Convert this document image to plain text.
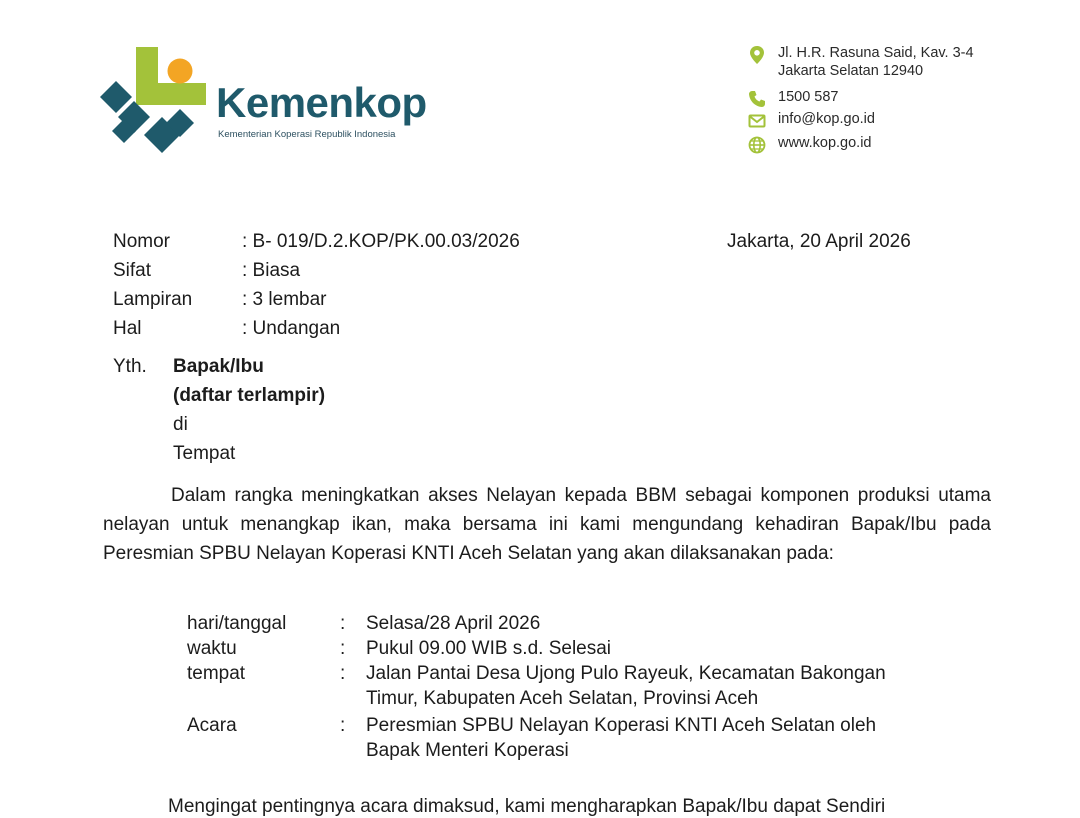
Kemenkop
Kementerian Koperasi Republik Indonesia
Jl. H.R. Rasuna Said, Kav. 3-4
Jakarta Selatan 12940
1500 587
info@kop.go.id
www.kop.go.id
Nomor	: B- 019/D.2.KOP/PK.00.03/2026
Sifat	: Biasa
Lampiran	: 3 lembar
Hal	: Undangan
Jakarta, 20 April 2026
Yth. Bapak/Ibu
(daftar terlampir)
di
Tempat
Dalam rangka meningkatkan akses Nelayan kepada BBM sebagai komponen produksi utama nelayan untuk menangkap ikan, maka bersama ini kami mengundang kehadiran Bapak/Ibu pada Peresmian SPBU Nelayan Koperasi KNTI Aceh Selatan yang akan dilaksanakan pada:
hari/tanggal	: Selasa/28 April 2026
waktu	: Pukul 09.00 WIB s.d. Selesai
tempat	: Jalan Pantai Desa Ujong Pulo Rayeuk, Kecamatan Bakongan Timur, Kabupaten Aceh Selatan, Provinsi Aceh
Acara	: Peresmian SPBU Nelayan Koperasi KNTI Aceh Selatan oleh Bapak Menteri Koperasi
Mengingat pentingnya acara dimaksud, kami mengharapkan Bapak/Ibu dapat Sendiri
